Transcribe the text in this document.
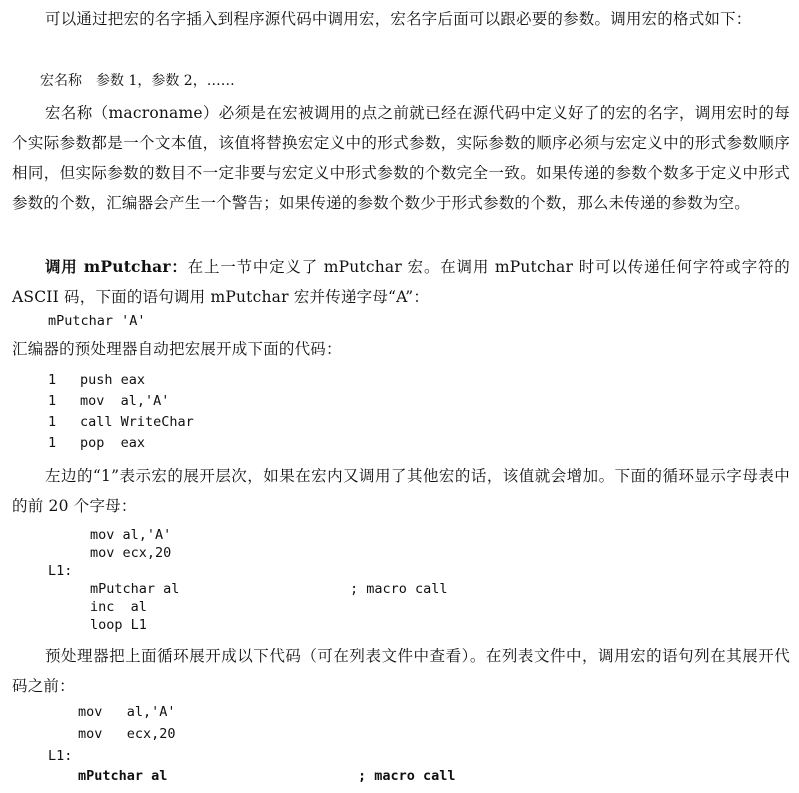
可以通过把宏的名字插入到程序源代码中调用宏，宏名字后面可以跟必要的参数。调用宏的格式如下：

宏名称　参数 1，参数 2，……

宏名称（macroname）必须是在宏被调用的点之前就已经在源代码中定义好了的宏的名字，调用宏时的每个实际参数都是一个文本值，该值将替换宏定义中的形式参数，实际参数的顺序必须与宏定义中的形式参数顺序相同，但实际参数的数目不一定非要与宏定义中形式参数的个数完全一致。如果传递的参数个数多于定义中形式参数的个数，汇编器会产生一个警告；如果传递的参数个数少于形式参数的个数，那么未传递的参数为空。

调用 mPutchar：在上一节中定义了 mPutchar 宏。在调用 mPutchar 时可以传递任何字符或字符的 ASCII 码，下面的语句调用 mPutchar 宏并传递字母“A”：

mPutchar 'A'

汇编器的预处理器自动把宏展开成下面的代码：

1 push eax
1 mov  al,'A'
1 call WriteChar
1 pop  eax

左边的“1”表示宏的展开层次，如果在宏内又调用了其他宏的话，该值就会增加。下面的循环显示字母表中的前 20 个字母：

mov al,'A'
mov ecx,20
L1:
mPutchar al	; macro call
inc  al
loop L1

预处理器把上面循环展开成以下代码（可在列表文件中查看）。在列表文件中，调用宏的语句列在其展开代码之前：

mov   al,'A'
mov   ecx,20
L1:
mPutchar al	; macro call
